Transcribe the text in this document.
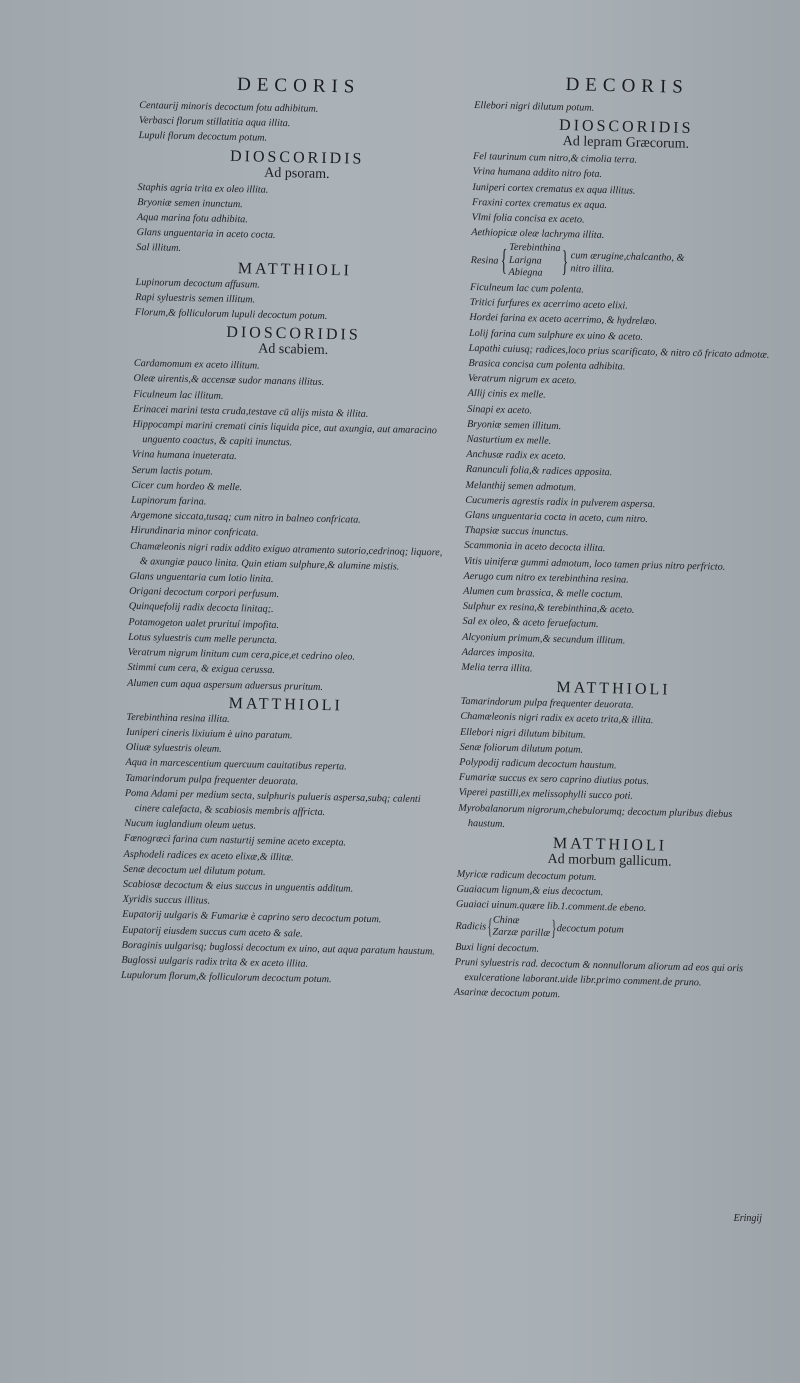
DECORIS

Centaurij minoris decoctum fotu adhibitum.

Verbasci florum stillatitia aqua illita.

Lupuli florum decoctum potum.

DIOSCORIDIS
Ad psoram.

Staphis agria trita ex oleo illita.

Bryoniæ semen inunctum.

Aqua marina fotu adhibita.

Glans unguentaria in aceto cocta.

Sal illitum.

MATTHIOLI

Lupinorum decoctum affusum.

Rapi syluestris semen illitum.

Florum,& folliculorum lupuli decoctum potum.

DIOSCORIDIS
Ad scabiem.

Cardamomum ex aceto illitum.

Oleæ uirentis,& accensæ sudor manans illitus.

Ficulneum lac illitum.

Erinacei marini testa cruda,testave cū alijs mista & illita.

Hippocampi marini cremati cinis liquida pice, aut axungia, aut amaracino unguento coactus, & capiti inunctus.

Vrina humana inueterata.

Serum lactis potum.

Cicer cum hordeo & melle.

Lupinorum farina.

Argemone siccata,tusaq; cum nitro in balneo confricata.

Hirundinaria minor confricata.

Chamæleonis nigri radix addito exiguo atramento sutorio,cedrinoq; liquore, & axungiæ pauco linita. Quin etiam sulphure,& alumine mistis.

Glans unguentaria cum lotio linita.

Origani decoctum corpori perfusum.

Quinquefolij radix decocta linitaq;.

Potamogeton ualet prurituí impofita.

Lotus syluestris cum melle perunctа.

Veratrum nigrum linitum cum cera,pice,et cedrino oleo.

Stimmi cum cera, & exigua cerussa.

Alumen cum aqua aspersum aduersus pruritum.

MATTHIOLI

Terebinthina resina illita.

Iuniperi cineris lixiuium è uino paratum.

Oliuæ syluestris oleum.

Aqua in marcescentium quercuum cauitatibus reperta.

Tamarindorum pulpa frequenter deuorata.

Poma Adami per medium secta, sulphuris pulueris aspersa,subq; calenti cinere calefacta, & scabiosis membris affricta.

Nucum iuglandium oleum uetus.

Fœnogræci farina cum nasturtij semine aceto excepta.

Asphodeli radices ex aceto elixæ,& illitæ.

Senæ decoctum uel dilutum potum.

Scabiosæ decoctum & eius succus in unguentis additum.

Xyridis succus illitus.

Eupatorij uulgaris & Fumariæ è caprino sero decoctum potum.

Eupatorij eiusdem succus cum aceto & sale.

Boraginis uulgarisq; buglossi decoctum ex uino, aut aqua paratum haustum.

Buglossi uulgaris radix trita & ex aceto illita.

Lupulorum florum,& folliculorum decoctum potum.

DECORIS

Ellebori nigri dilutum potum.

DIOSCORIDIS
Ad lepram Græcorum.

Fel taurinum cum nitro,& cimolia terra.

Vrina humana addito nitro fota.

Iuniperi cortex crematus ex aqua illitus.

Fraxini cortex crematus ex aqua.

Vlmi folia concisa ex aceto.

Aethiopicæ oleæ lachryma illita.

Resina { Terebinthina
Larigna
Abiegna } cum ærugine,chalcantho, & nitro illita.

Ficulneum lac cum polenta.

Tritici furfures ex acerrimo aceto elixi.

Hordei farina ex aceto acerrimo, & hydrelæo.

Lolij farina cum sulphure ex uino & aceto.

Lapathi cuiusq; radices,loco prius scarificato, & nitro cō fricato admotæ.

Brasica concisa cum polenta adhibita.

Veratrum nigrum ex aceto.

Allij cinis ex melle.

Sinapi ex aceto.

Bryoniæ semen illitum.

Nasturtium ex melle.

Anchusæ radix ex aceto.

Ranunculi folia,& radices apposita.

Melanthij semen admotum.

Cucumeris agrestis radix in pulverem aspersa.

Glans unguentaria cocta in aceto, cum nitro.

Thapsiæ succus inunctus.

Scammonia in aceto decocta illita.

Vitis uiniferæ gummi admotum, loco tamen prius nitro perfricto.

Aerugo cum nitro ex terebinthina resina.

Alumen cum brassica, & melle coctum.

Sulphur ex resina,& terebinthina,& aceto.

Sal ex oleo, & aceto feruefactum.

Alcyonium primum,& secundum illitum.

Adarces imposita.

Melia terra illita.

MATTHIOLI

Tamarindorum pulpa frequenter deuorata.

Chamæleonis nigri radix ex aceto trita,& illita.

Ellebori nigri dilutum bibitum.

Senæ foliorum dilutum potum.

Polypodij radicum decoctum haustum.

Fumariæ succus ex sero caprino diutius potus.

Viperei pastilli,ex melissophylli succo poti.

Myrobalanorum nigrorum,chebulorumq; decoctum pluribus diebus haustum.

MATTHIOLI
Ad morbum gallicum.

Myricæ radicum decoctum potum.

Guaiacum lignum,& eius decoctum.

Guaiaci uinum.quære lib.1.comment.de ebeno.

Radicis { Chinæ
Zarzæ parillæ } decoctum potum

Buxi ligni decoctum.

Pruni syluestris rad. decoctum & nonnullorum aliorum ad eos qui oris exulceratione laborant.uide libr.primo comment.de pruno.

Asarinæ decoctum potum.

Eringij
